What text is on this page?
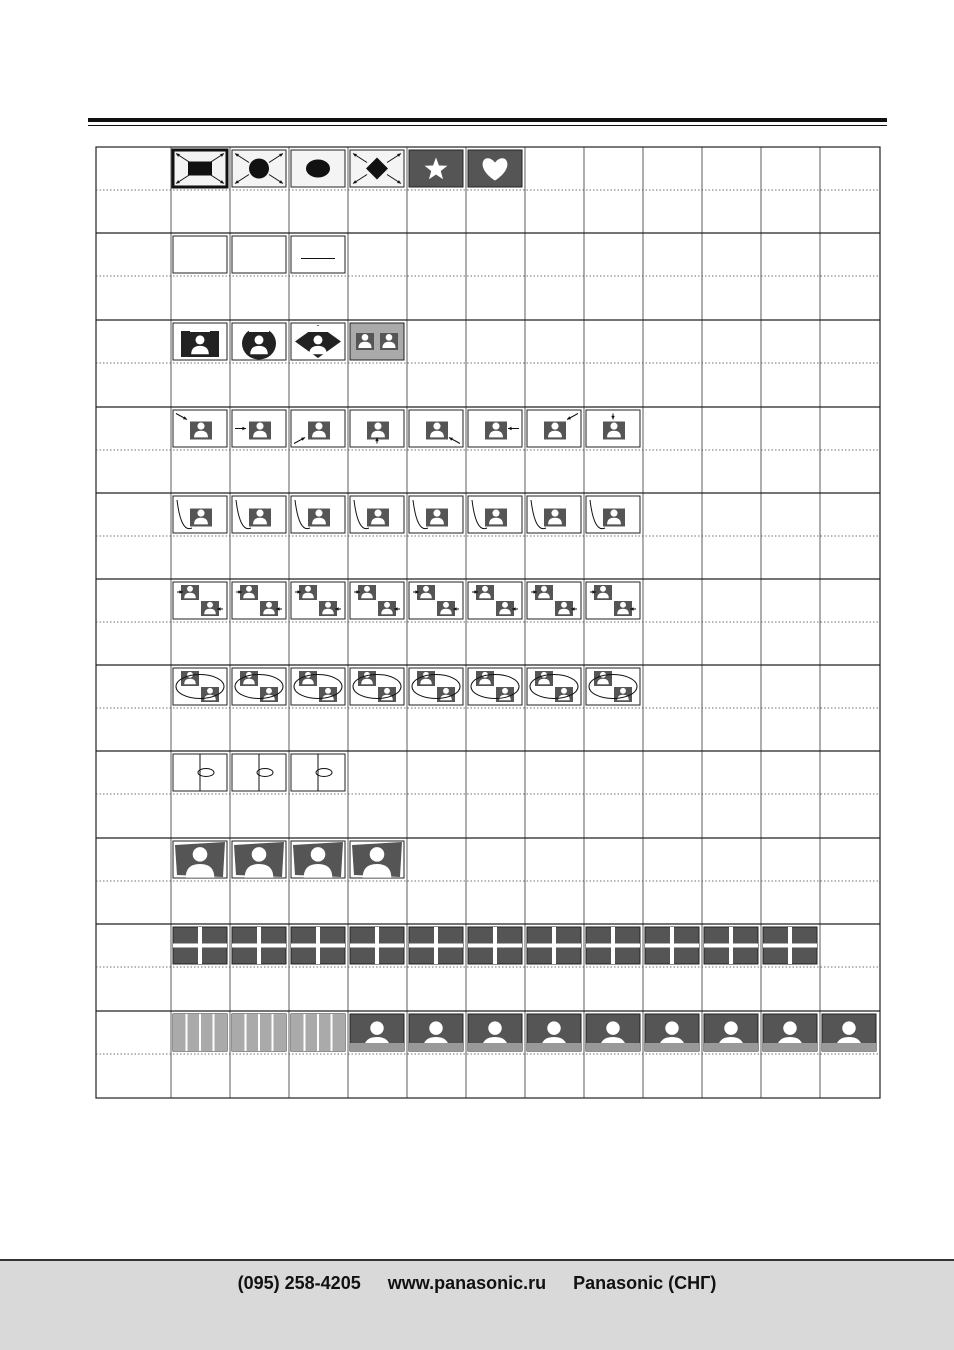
(095) 258-4205 www.panasonic.ru Panasonic (СНГ)
